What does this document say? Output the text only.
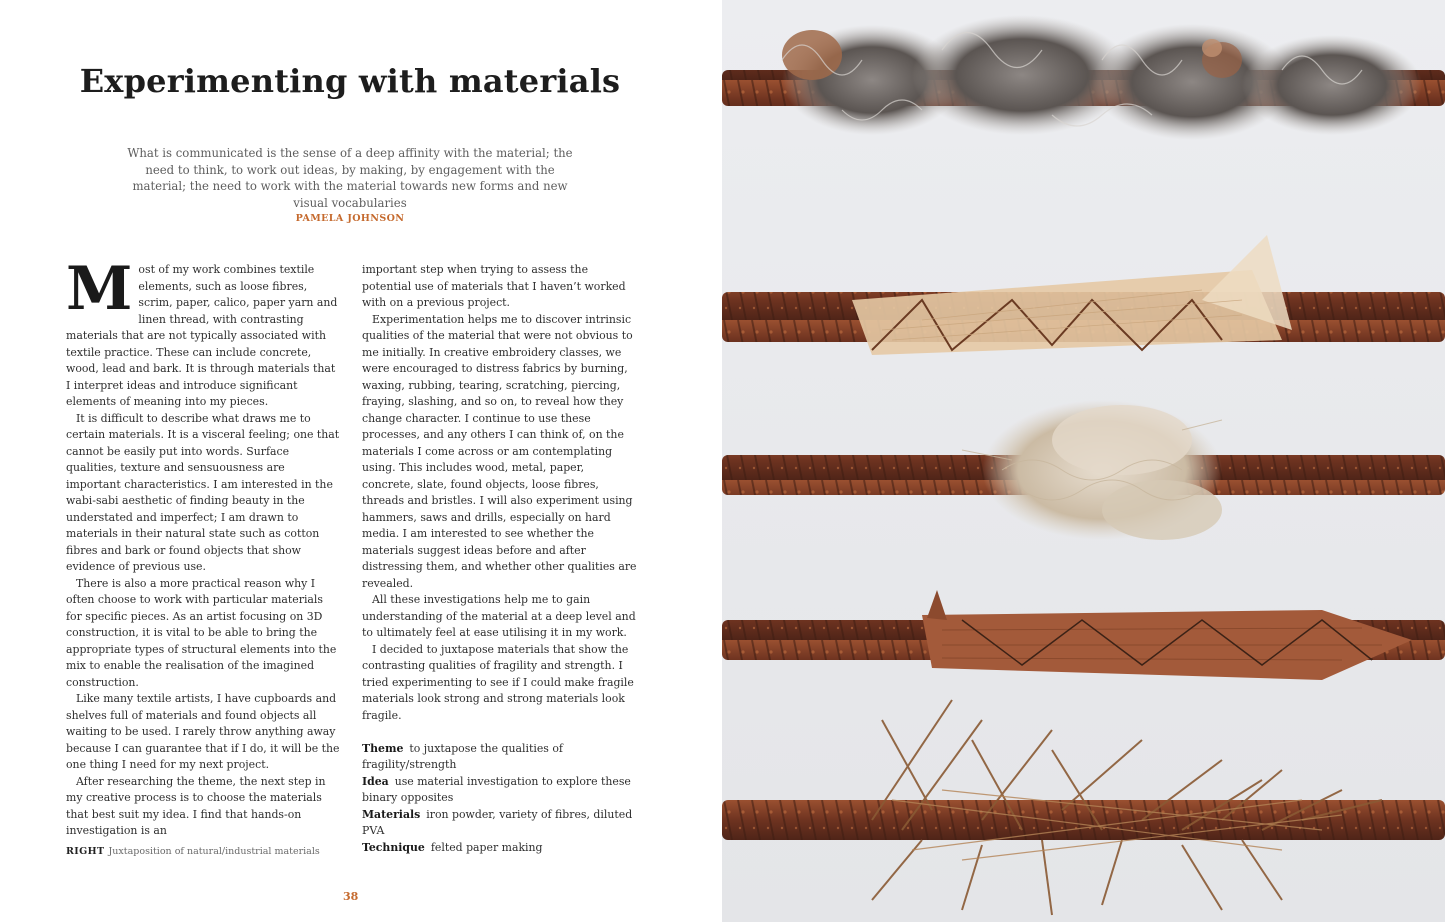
Experimenting with materials
What is communicated is the sense of a deep affinity with the material; the need to think, to work out ideas, by making, by engagement with the material; the need to work with the material towards new forms and new visual vocabularies
PAMELA JOHNSON

Most of my work combines textile elements, such as loose fibres, scrim, paper, calico, paper yarn and linen thread, with contrasting materials that are not typically associated with textile practice. These can include concrete, wood, lead and bark. It is through materials that I interpret ideas and introduce significant elements of meaning into my pieces.

It is difficult to describe what draws me to certain materials. It is a visceral feeling; one that cannot be easily put into words. Surface qualities, texture and sensuousness are important characteristics. I am interested in the wabi-sabi aesthetic of finding beauty in the understated and imperfect; I am drawn to materials in their natural state such as cotton fibres and bark or found objects that show evidence of previous use.

There is also a more practical reason why I often choose to work with particular materials for specific pieces. As an artist focusing on 3D construction, it is vital to be able to bring the appropriate types of structural elements into the mix to enable the realisation of the imagined construction.

Like many textile artists, I have cupboards and shelves full of materials and found objects all waiting to be used. I rarely throw anything away because I can guarantee that if I do, it will be the one thing I need for my next project.

After researching the theme, the next step in my creative process is to choose the materials that best suit my idea. I find that hands-on investigation is an

important step when trying to assess the potential use of materials that I haven’t worked with on a previous project.

Experimentation helps me to discover intrinsic qualities of the material that were not obvious to me initially. In creative embroidery classes, we were encouraged to distress fabrics by burning, waxing, rubbing, tearing, scratching, piercing, fraying, slashing, and so on, to reveal how they change character. I continue to use these processes, and any others I can think of, on the materials I come across or am contemplating using. This includes wood, metal, paper, concrete, slate, found objects, loose fibres, threads and bristles. I will also experiment using hammers, saws and drills, especially on hard media. I am interested to see whether the materials suggest ideas before and after distressing them, and whether other qualities are revealed.

All these investigations help me to gain understanding of the material at a deep level and to ultimately feel at ease utilising it in my work.

I decided to juxtapose materials that show the contrasting qualities of fragility and strength. I tried experimenting to see if I could make fragile materials look strong and strong materials look fragile.

Theme to juxtapose the qualities of fragility/strength
Idea use material investigation to explore these binary opposites
Materials iron powder, variety of fibres, diluted PVA
Technique felted paper making
RIGHT Juxtaposition of natural/industrial materials
38
